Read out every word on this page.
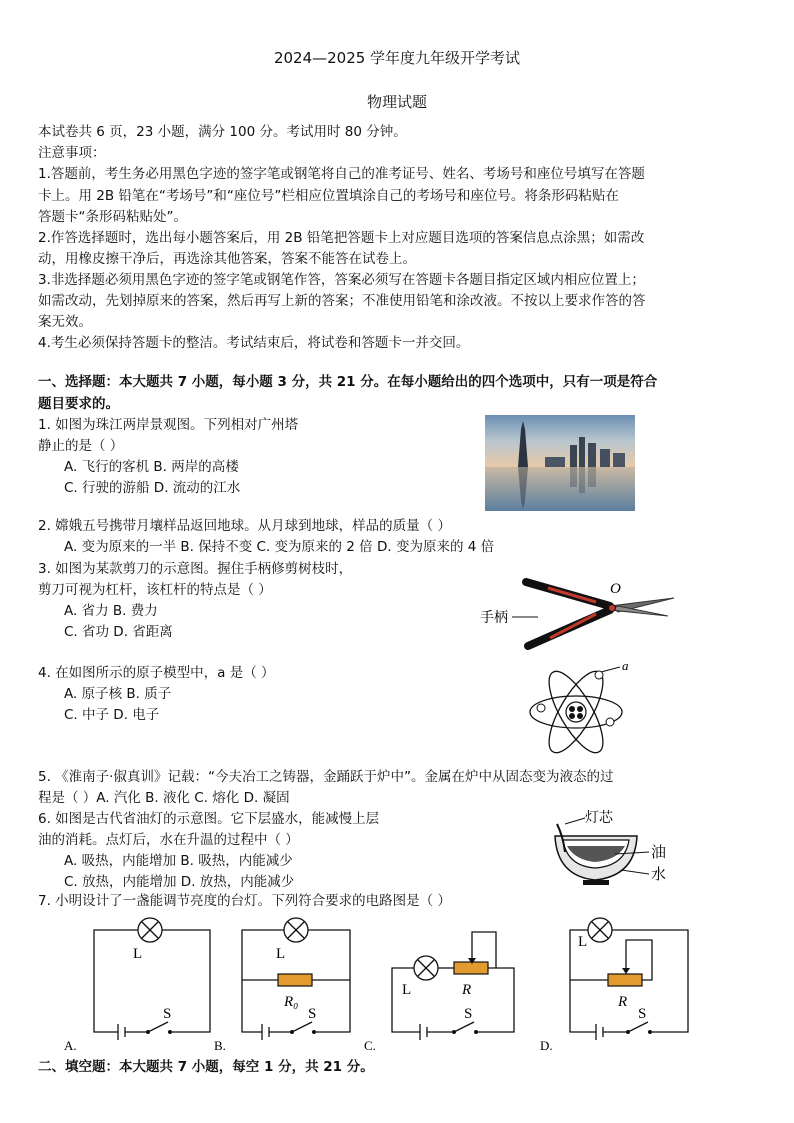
2024—2025 学年度九年级开学考试
物理试题
本试卷共 6 页，23 小题，满分 100 分。考试用时 80 分钟。
注意事项：
1.答题前，考生务必用黑色字迹的签字笔或钢笔将自己的准考证号、姓名、考场号和座位号填写在答题
卡上。用 2B 铅笔在“考场号”和“座位号”栏相应位置填涂自己的考场号和座位号。将条形码粘贴在
答题卡“条形码粘贴处”。
2.作答选择题时，选出每小题答案后，用 2B 铅笔把答题卡上对应题目选项的答案信息点涂黑；如需改
动，用橡皮擦干净后，再选涂其他答案，答案不能答在试卷上。
3.非选择题必须用黑色字迹的签字笔或钢笔作答，答案必须写在答题卡各题目指定区域内相应位置上；
如需改动，先划掉原来的答案，然后再写上新的答案；不准使用铅笔和涂改液。不按以上要求作答的答
案无效。
4.考生必须保持答题卡的整洁。考试结束后，将试卷和答题卡一并交回。
一、选择题：本大题共 7 小题，每小题 3 分，共 21 分。在每小题给出的四个选项中，只有一项是符合
题目要求的。
1. 如图为珠江两岸景观图。下列相对广州塔
静止的是（ ）
A. 飞行的客机 B. 两岸的高楼
C. 行驶的游船 D. 流动的江水
2. 嫦娥五号携带月壤样品返回地球。从月球到地球，样品的质量（ ）
A. 变为原来的一半 B. 保持不变 C. 变为原来的 2 倍 D. 变为原来的 4 倍
3. 如图为某款剪刀的示意图。握住手柄修剪树枝时，
剪刀可视为杠杆，该杠杆的特点是（ ）
A. 省力 B. 费力
C. 省功 D. 省距离
O
手柄
4. 在如图所示的原子模型中，a 是（ ）
A. 原子核 B. 质子
C. 中子 D. 电子
a
5. 《淮南子·俶真训》记载：“今夫冶工之铸器，金踊跃于炉中”。金属在炉中从固态变为液态的过
程是（ ）A. 汽化 B. 液化 C. 熔化 D. 凝固
6. 如图是古代省油灯的示意图。它下层盛水，能减慢上层
油的消耗。点灯后，水在升温的过程中（ ）
A. 吸热，内能增加 B. 吸热，内能减少
C. 放热，内能增加 D. 放热，内能减少
灯芯
油
水
7. 小明设计了一盏能调节亮度的台灯。下列符合要求的电路图是（ ）
L
S
A.
L
R₀
S
B.
L	R
S
C.
L
R
S
D.
二、填空题：本大题共 7 小题，每空 1 分，共 21 分。
